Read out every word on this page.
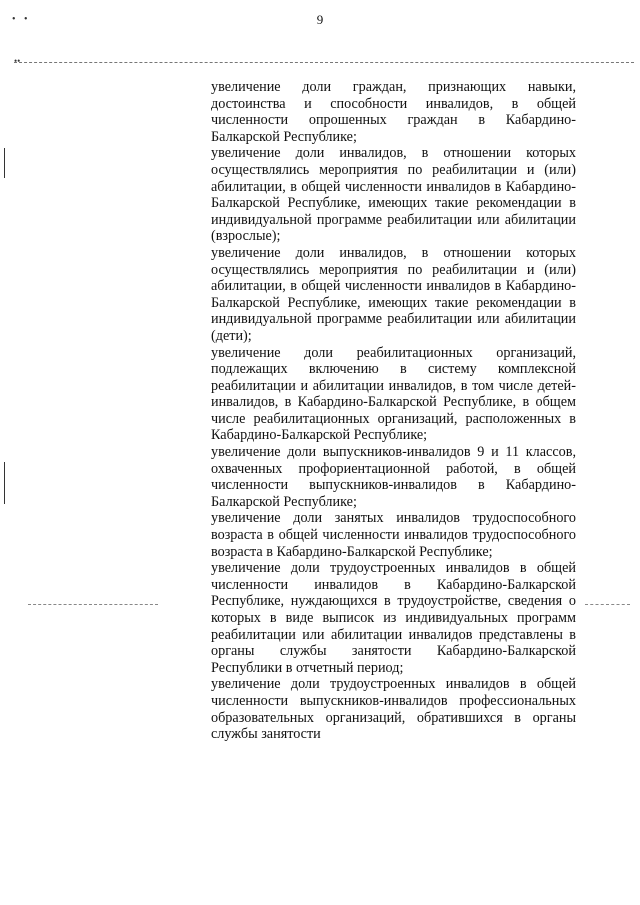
• •	9
••

увеличение доли граждан, признающих навыки, достоинства и способности инвалидов, в общей численности опрошенных граждан в Кабардино-Балкарской Республике;

увеличение доли инвалидов, в отношении которых осуществлялись мероприятия по реабилитации и (или) абилитации, в общей численности инвалидов в Кабардино-Балкарской Республике, имеющих такие рекомендации в индивидуальной программе реабилитации или абилитации (взрослые);

увеличение доли инвалидов, в отношении которых осуществлялись мероприятия по реабилитации и (или) абилитации, в общей численности инвалидов в Кабардино-Балкарской Республике, имеющих такие рекомендации в индивидуальной программе реабилитации или абилитации (дети);

увеличение доли реабилитационных организаций, подлежащих включению в систему комплексной реабилитации и абилитации инвалидов, в том числе детей-инвалидов, в Кабардино-Балкарской Республике, в общем числе реабилитационных организаций, расположенных в Кабардино-Балкарской Республике;

увеличение доли выпускников-инвалидов 9 и 11 классов, охваченных профориентационной работой, в общей численности выпускников-инвалидов в Кабардино-Балкарской Республике;

увеличение доли занятых инвалидов трудоспособного возраста в общей численности инвалидов трудоспособного возраста в Кабардино-Балкарской Республике;

увеличение доли трудоустроенных инвалидов в общей численности инвалидов в Кабардино-Балкарской Республике, нуждающихся в трудоустройстве, сведения о которых в виде выписок из индивидуальных программ реабилитации или абилитации инвалидов представлены в органы службы занятости Кабардино-Балкарской Республики в отчетный период;

увеличение доли трудоустроенных инвалидов в общей численности выпускников-инвалидов профессиональных образовательных организаций, обратившихся в органы службы занятости
